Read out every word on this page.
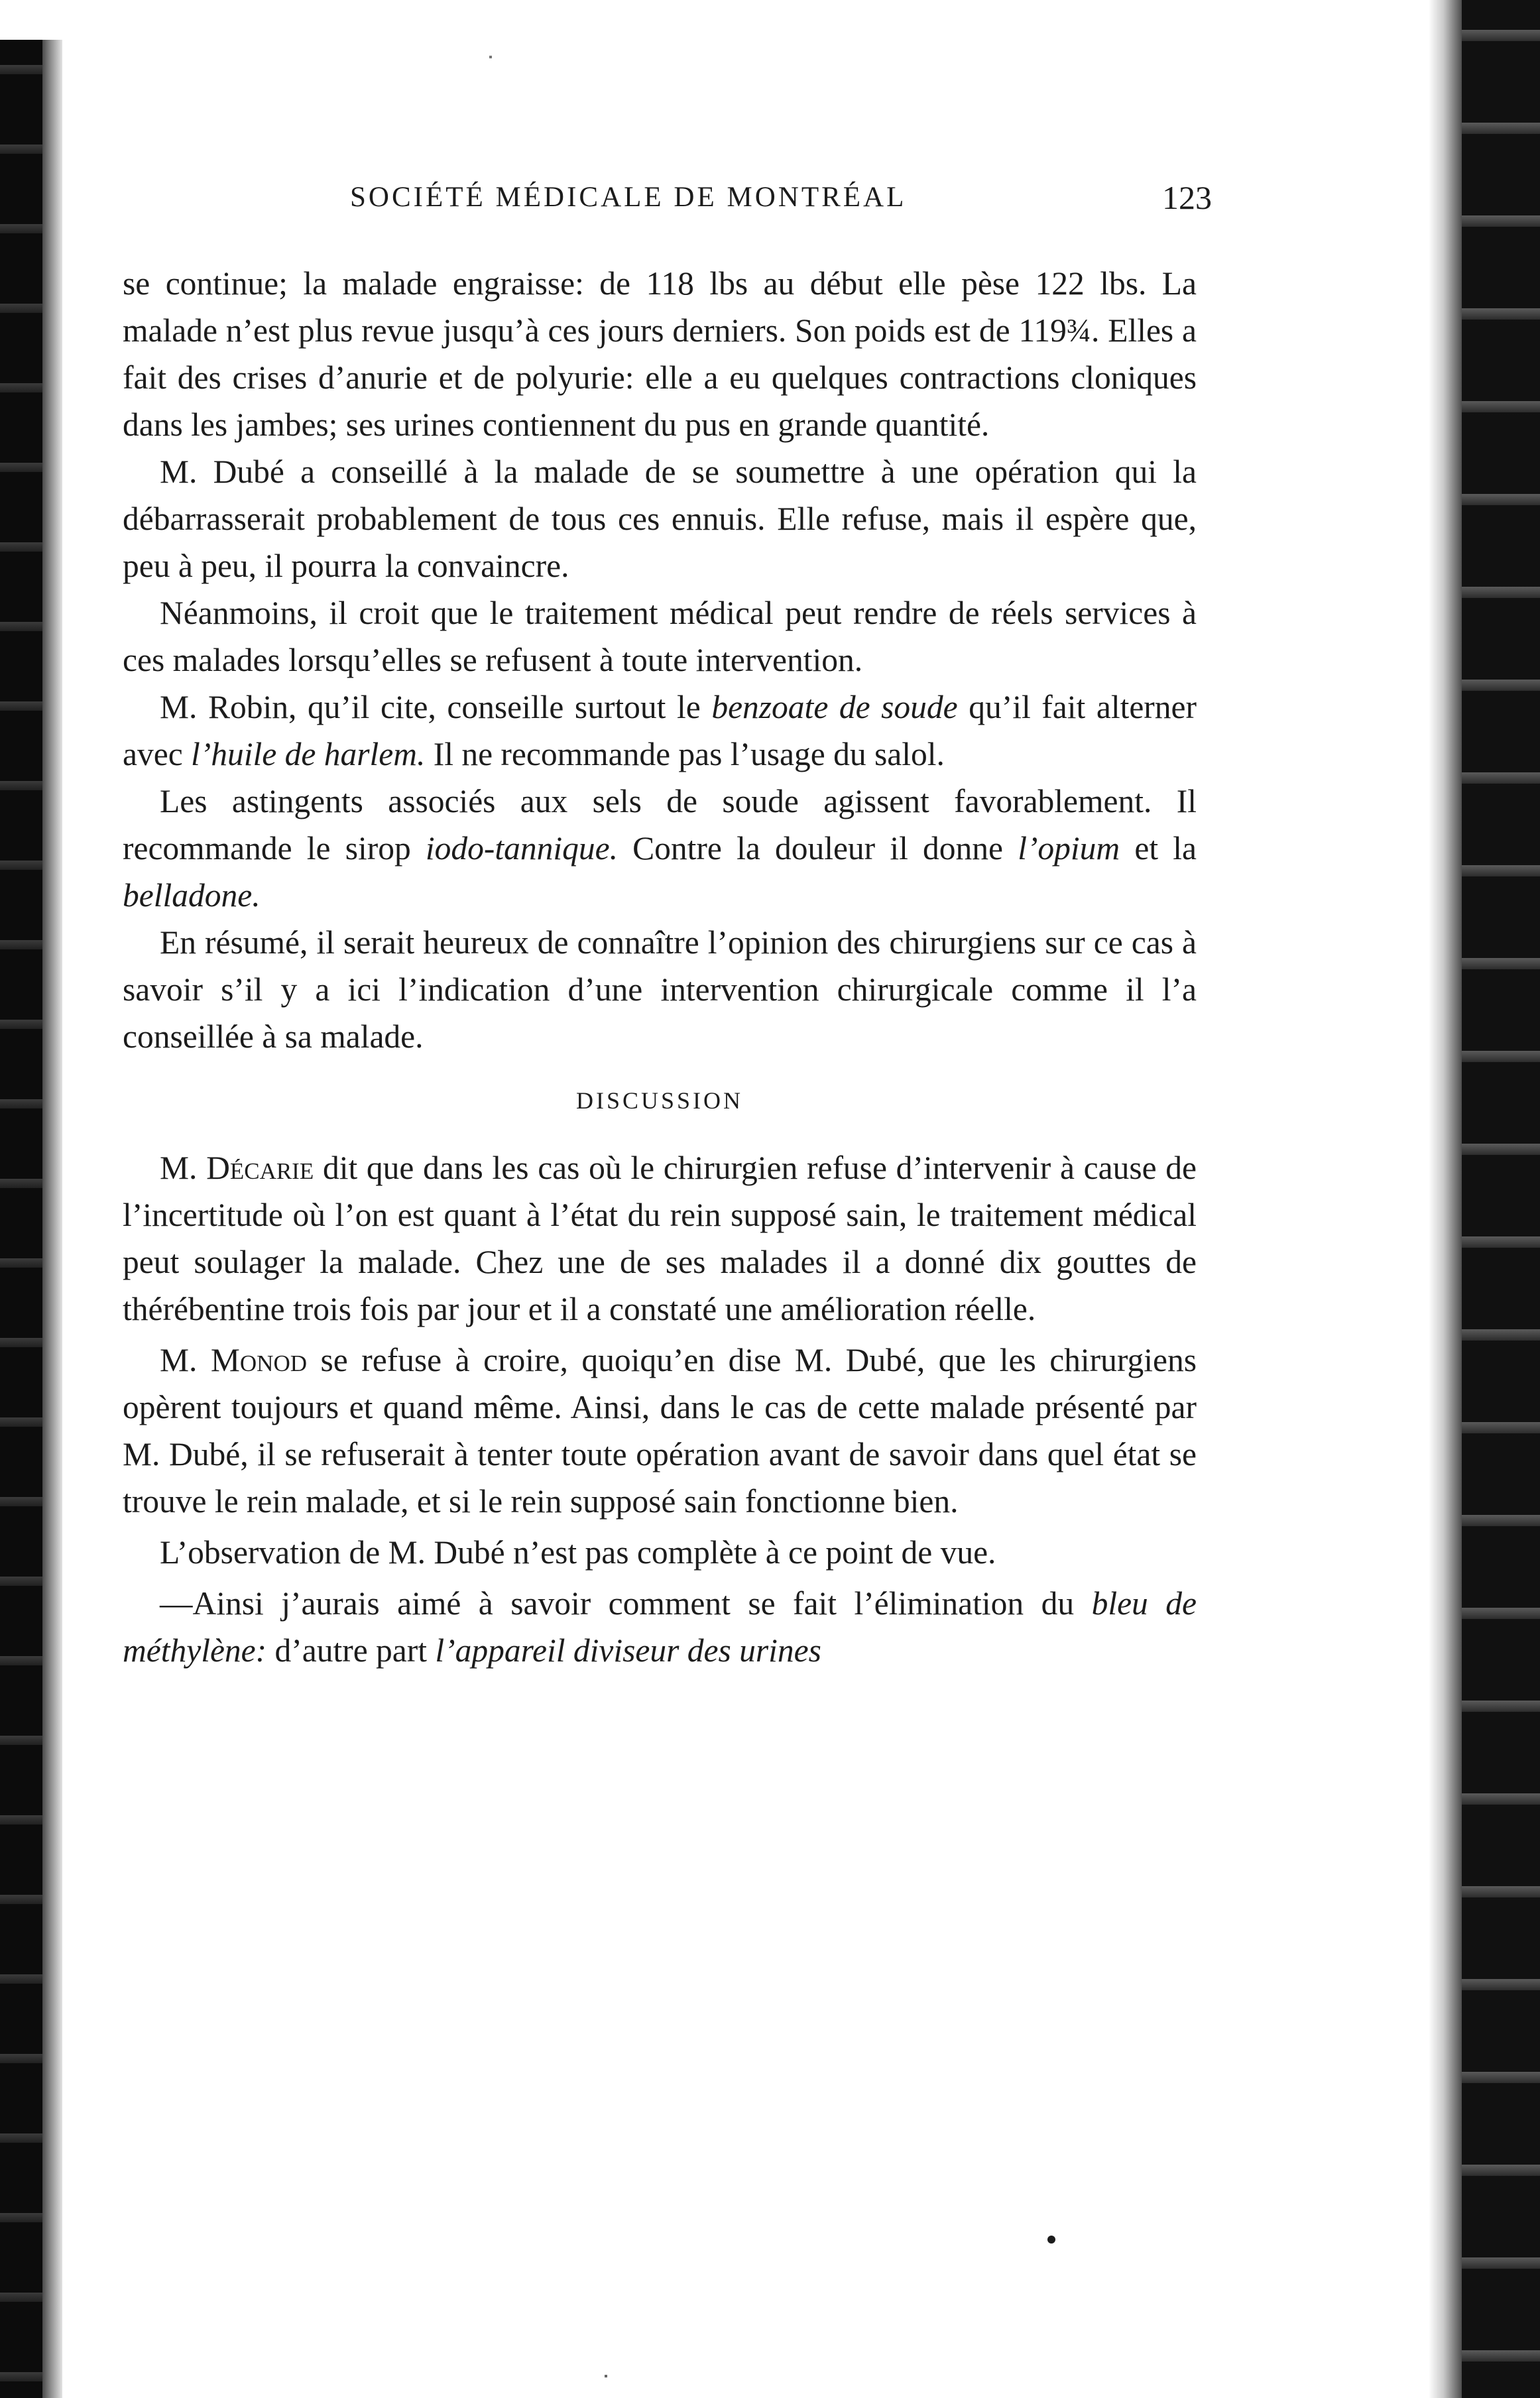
SOCIÉTÉ MÉDICALE DE MONTRÉAL	123

se continue; la malade engraisse: de 118 lbs au début elle pèse 122 lbs. La malade n’est plus revue jusqu’à ces jours derniers. Son poids est de 119¾. Elles a fait des crises d’anurie et de polyurie: elle a eu quelques contractions cloniques dans les jambes; ses urines contiennent du pus en grande quantité.

M. Dubé a conseillé à la malade de se soumettre à une opération qui la débarrasserait probablement de tous ces ennuis. Elle refuse, mais il espère que, peu à peu, il pourra la convaincre.

Néanmoins, il croit que le traitement médical peut rendre de réels services à ces malades lorsqu’elles se refusent à toute intervention.

M. Robin, qu’il cite, conseille surtout le benzoate de soude qu’il fait alterner avec l’huile de harlem. Il ne recommande pas l’usage du salol.

Les astingents associés aux sels de soude agissent favorablement. Il recommande le sirop iodo-tannique. Contre la douleur il donne l’opium et la belladone.

En résumé, il serait heureux de connaître l’opinion des chirurgiens sur ce cas à savoir s’il y a ici l’indication d’une intervention chirurgicale comme il l’a conseillée à sa malade.

DISCUSSION

M. Décarie dit que dans les cas où le chirurgien refuse d’intervenir à cause de l’incertitude où l’on est quant à l’état du rein supposé sain, le traitement médical peut soulager la malade. Chez une de ses malades il a donné dix gouttes de thérébentine trois fois par jour et il a constaté une amélioration réelle.

M. Monod se refuse à croire, quoiqu’en dise M. Dubé, que les chirurgiens opèrent toujours et quand même. Ainsi, dans le cas de cette malade présenté par M. Dubé, il se refuserait à tenter toute opération avant de savoir dans quel état se trouve le rein malade, et si le rein supposé sain fonctionne bien.

L’observation de M. Dubé n’est pas complète à ce point de vue.

—Ainsi j’aurais aimé à savoir comment se fait l’élimination du bleu de méthylène: d’autre part l’appareil diviseur des urines
